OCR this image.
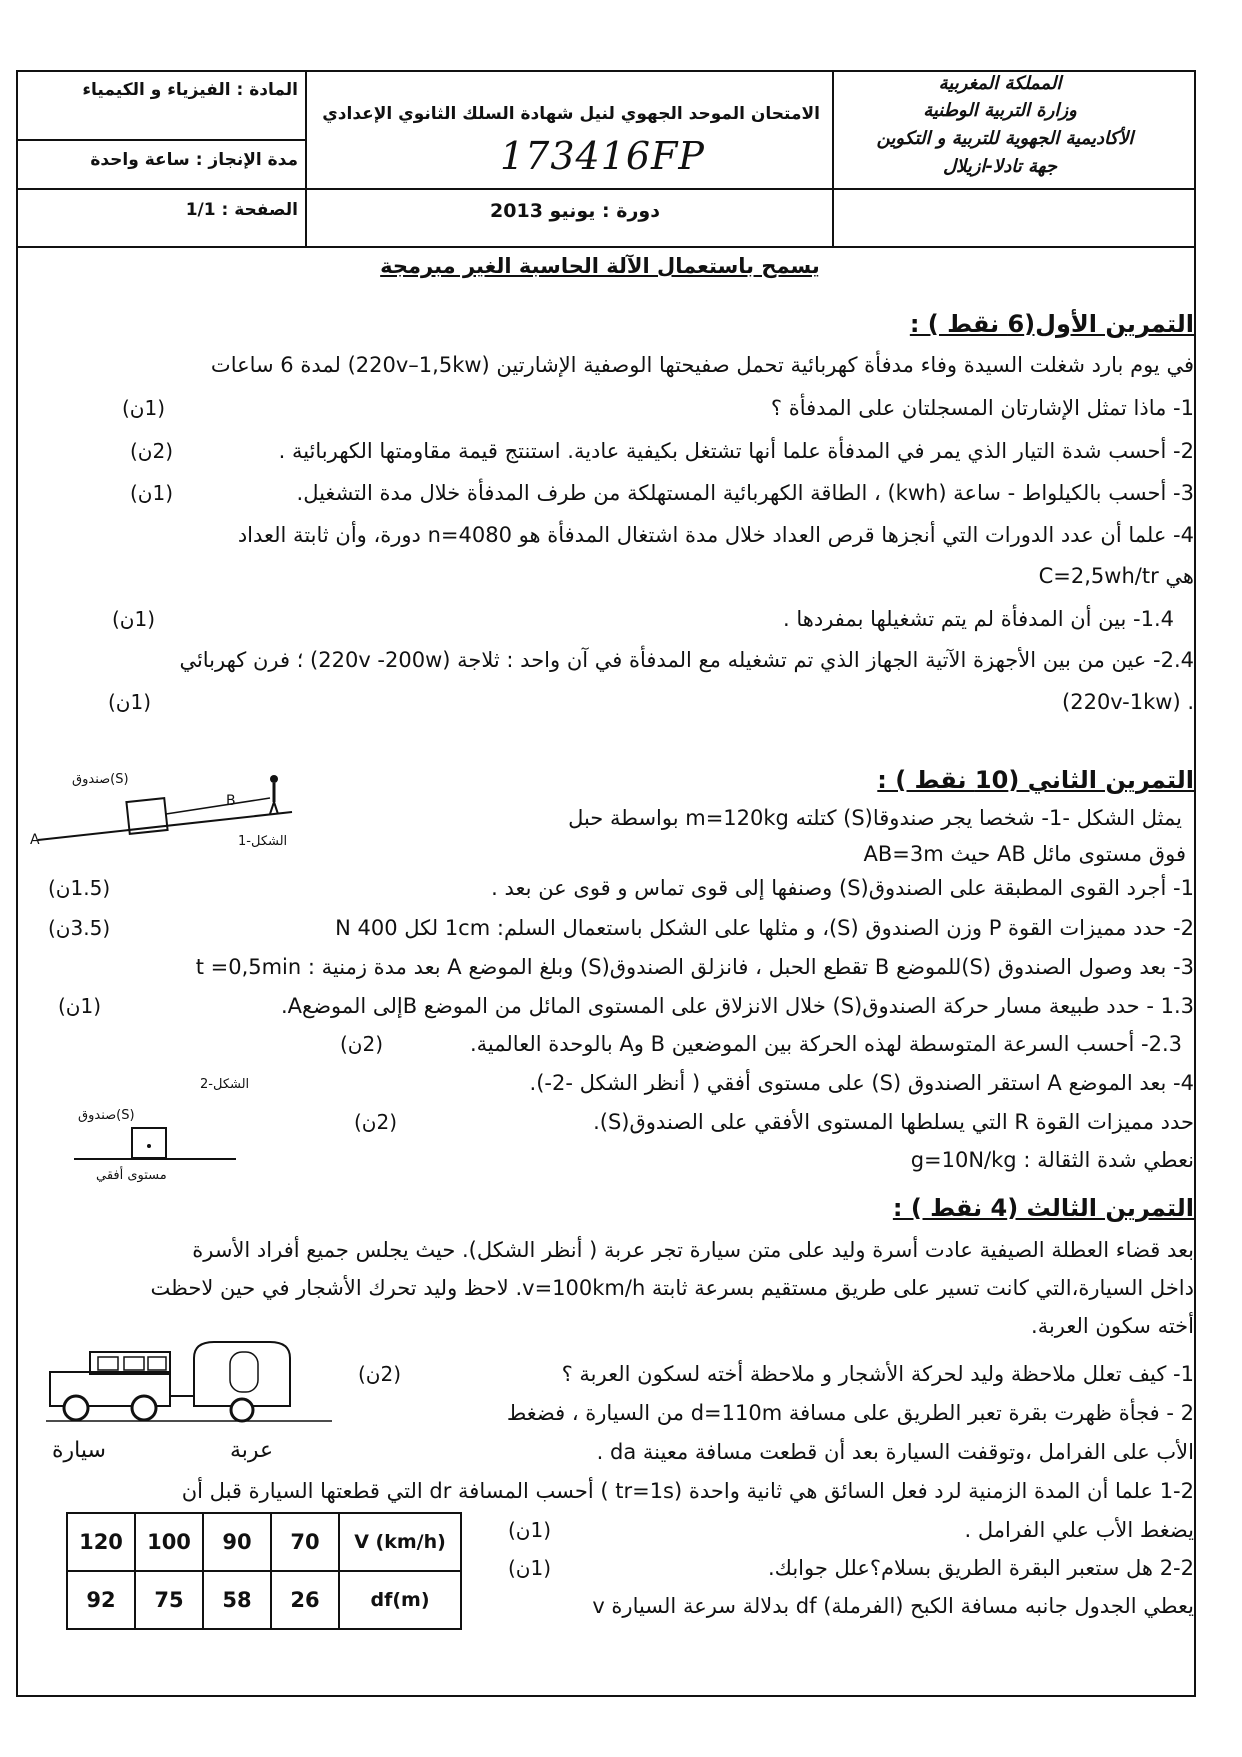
المادة : الفيزياء و الكيمياء
مدة الإنجاز : ساعة واحدة
الصفحة : 1/1
الامتحان الموحد الجهوي لنيل شهادة السلك الثانوي الإعدادي
173416FP
دورة : يونيو 2013
المملكة المغربية
وزارة التربية الوطنية
الأكاديمية الجهوية للتربية و التكوين
جهة تادلا-ازيلال
يسمح باستعمال الآلة الحاسبة الغير مبرمجة
التمرين الأول(6 نقط ) :
في يوم بارد شغلت السيدة وفاء مدفأة كهربائية تحمل صفيحتها الوصفية الإشارتين (220v–1,5kw) لمدة 6 ساعات
1- ماذا تمثل الإشارتان المسجلتان على المدفأة ؟
(1ن)
2- أحسب شدة التيار الذي يمر في المدفأة علما أنها تشتغل بكيفية عادية. استنتج قيمة مقاومتها الكهربائية .
(2ن)
3- أحسب بالكيلواط - ساعة (kwh) ، الطاقة الكهربائية المستهلكة من طرف المدفأة خلال مدة التشغيل.
(1ن)
4- علما أن عدد الدورات التي أنجزها قرص العداد خلال مدة اشتغال المدفأة هو n=4080 دورة، وأن ثابتة العداد
هي C=2,5wh/tr
1.4- بين أن المدفأة لم يتم تشغيلها بمفردها .
(1ن)
2.4- عين من بين الأجهزة الآتية الجهاز الذي تم تشغيله مع المدفأة في آن واحد : ثلاجة (220v -200w) ؛ فرن كهربائي
(220v-1kw) .
(1ن)
التمرين الثاني (10 نقط ) :
صندوق(S)
B
A	الشكل-1
يمثل الشكل -1- شخصا يجر صندوقا(S) كتلته m=120kg بواسطة حبل
فوق مستوى مائل AB حيث AB=3m
1- أجرد القوى المطبقة على الصندوق(S) وصنفها إلى قوى تماس و قوى عن بعد .
(1.5ن)
2- حدد مميزات القوة P وزن الصندوق (S)، و مثلها على الشكل باستعمال السلم: 1cm لكل 400 N
(3.5ن)
3- بعد وصول الصندوق (S)للموضع B تقطع الحبل ، فانزلق الصندوق(S) وبلغ الموضع A بعد مدة زمنية : t =0,5min
1.3 - حدد طبيعة مسار حركة الصندوق(S) خلال الانزلاق على المستوى المائل من الموضع Bإلى الموضعA.
(1ن)
2.3- أحسب السرعة المتوسطة لهذه الحركة بين الموضعين B وA بالوحدة العالمية.
(2ن)
الشكل-2
صندوق(S)
مستوى أفقي
4- بعد الموضع A استقر الصندوق (S) على مستوى أفقي ( أنظر الشكل -2-).
حدد مميزات القوة R التي يسلطها المستوى الأفقي على الصندوق(S).
(2ن)
نعطي شدة الثقالة : g=10N/kg
التمرين الثالث (4 نقط ) :
بعد قضاء العطلة الصيفية عادت أسرة وليد على متن سيارة تجر عربة ( أنظر الشكل). حيث يجلس جميع أفراد الأسرة
داخل السيارة،التي كانت تسير على طريق مستقيم بسرعة ثابتة v=100km/h. لاحظ وليد تحرك الأشجار في حين لاحظت
أخته سكون العربة.
سيارة	عربة
1- كيف تعلل ملاحظة وليد لحركة الأشجار و ملاحظة أخته لسكون العربة ؟
(2ن)
2 - فجأة ظهرت بقرة تعبر الطريق على مسافة d=110m من السيارة ، فضغط
الأب على الفرامل ،وتوقفت السيارة بعد أن قطعت مسافة معينة da .
1-2 علما أن المدة الزمنية لرد فعل السائق هي ثانية واحدة (tr=1s ) أحسب المسافة dr التي قطعتها السيارة قبل أن
يضغط الأب علي الفرامل .
(1ن)
2-2 هل ستعبر البقرة الطريق بسلام؟علل جوابك.
(1ن)
يعطي الجدول جانبه مسافة الكبح (الفرملة) df بدلالة سرعة السيارة v
120	100	90	70	V (km/h)
92	75	58	26	df(m)
